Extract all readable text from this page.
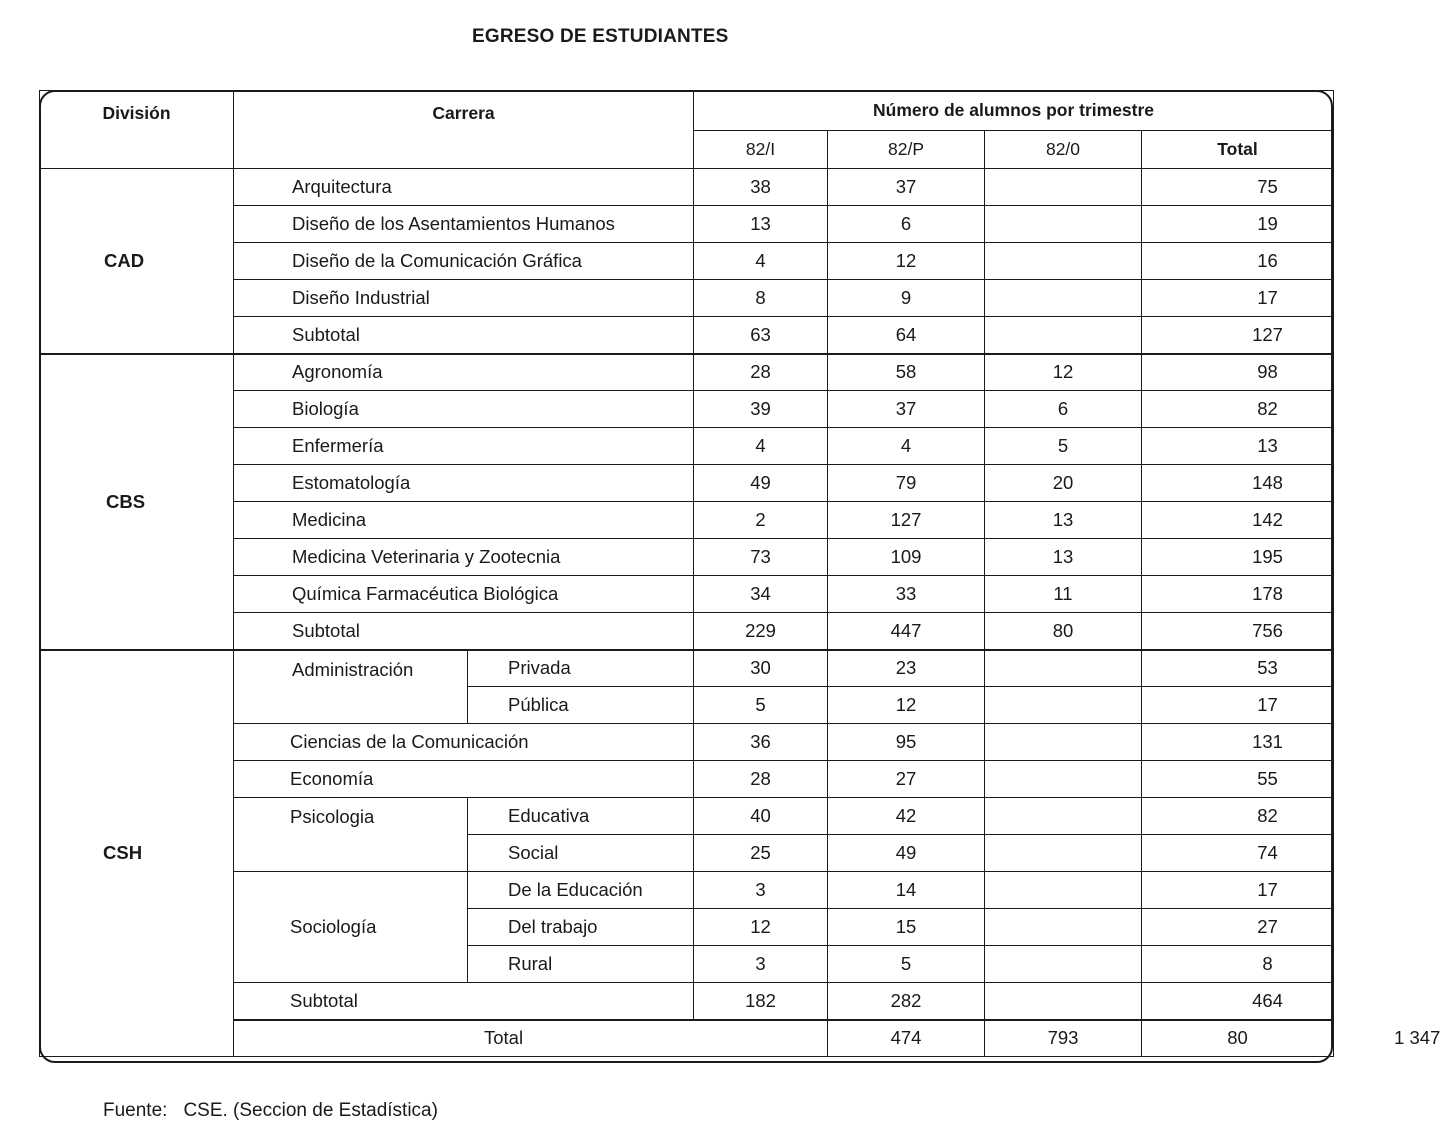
EGRESO DE ESTUDIANTES
División	Carrera		Número de alumnos por trimestre				
			82/I	82/P	82/0	Total	
CAD	Arquitectura		38	37		75	
	Diseño de los Asentamientos Humanos		13	6		19	
	Diseño de la Comunicación Gráfica		4	12		16	
	Diseño Industrial		8	9		17	
	Subtotal		63	64		127	
CBS	Agronomía		28	58	12	98	
	Biología		39	37	6	82	
	Enfermería		4	4	5	13	
	Estomatología		49	79	20	148	
	Medicina		2	127	13	142	
	Medicina Veterinaria y Zootecnia		73	109	13	195	
	Química Farmacéutica Biológica		34	33	11	178	
	Subtotal		229	447	80	756	
CSH	Administración	Privada	30	23		53	
		Pública	5	12		17	
	Ciencias de la Comunicación		36	95		131	
	Economía		28	27		55	
	Psicologia	Educativa	40	42		82	
		Social	25	49		74	
	Sociología	De la Educación	3	14		17	
		Del trabajo	12	15		27	
		Rural	3	5		8	
	Subtotal		182	282		464	
	Total			474	793	80	1 347
Fuente: CSE. (Seccion de Estadística)
